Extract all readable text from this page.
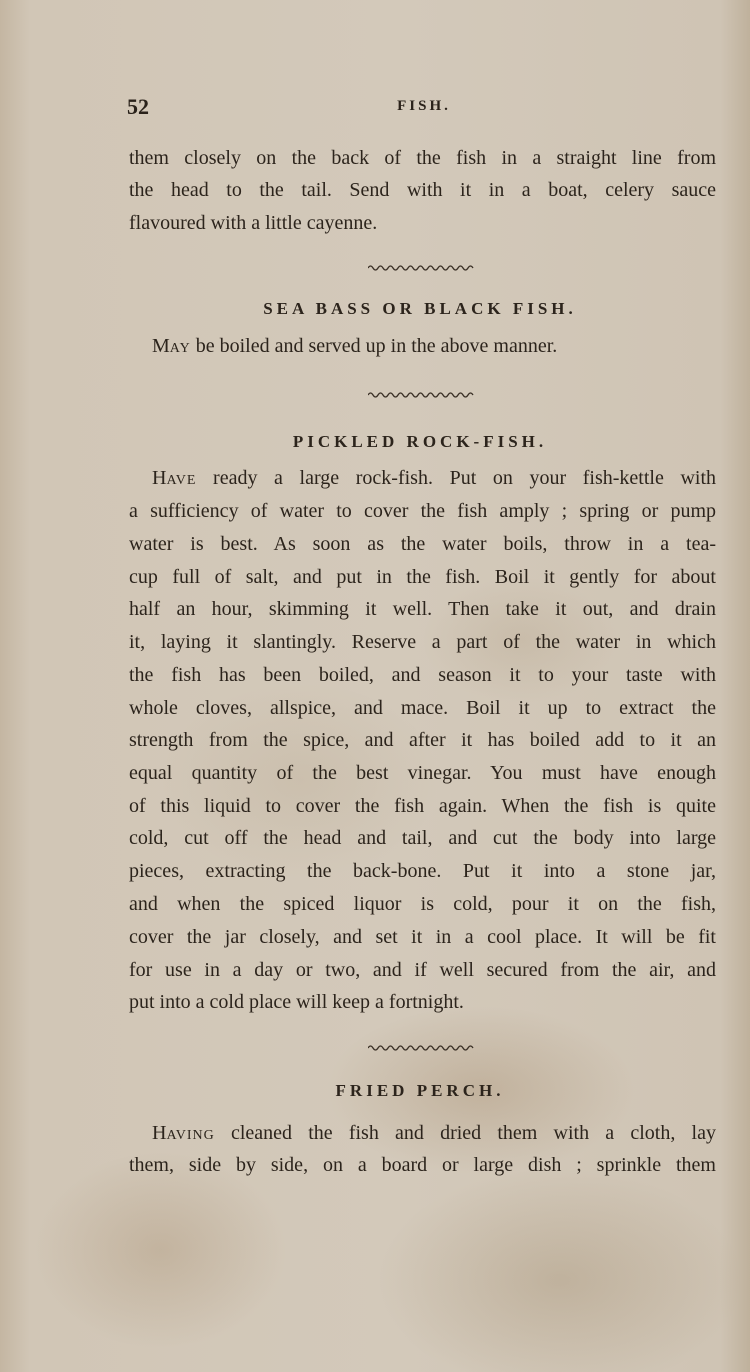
52	FISH.
them closely on the back of the fish in a straight line from
the head to the tail. Send with it in a boat, celery sauce
flavoured with a little cayenne.
SEA BASS OR BLACK FISH.
MAY be boiled and served up in the above manner.
PICKLED ROCK-FISH.
HAVE ready a large rock-fish. Put on your fish-kettle with
a sufficiency of water to cover the fish amply ; spring or pump
water is best. As soon as the water boils, throw in a tea-
cup full of salt, and put in the fish. Boil it gently for about
half an hour, skimming it well. Then take it out, and drain
it, laying it slantingly. Reserve a part of the water in which
the fish has been boiled, and season it to your taste with
whole cloves, allspice, and mace. Boil it up to extract the
strength from the spice, and after it has boiled add to it an
equal quantity of the best vinegar. You must have enough
of this liquid to cover the fish again. When the fish is quite
cold, cut off the head and tail, and cut the body into large
pieces, extracting the back-bone. Put it into a stone jar,
and when the spiced liquor is cold, pour it on the fish,
cover the jar closely, and set it in a cool place. It will be fit
for use in a day or two, and if well secured from the air, and
put into a cold place will keep a fortnight.
FRIED PERCH.
HAVING cleaned the fish and dried them with a cloth, lay
them, side by side, on a board or large dish ; sprinkle them
